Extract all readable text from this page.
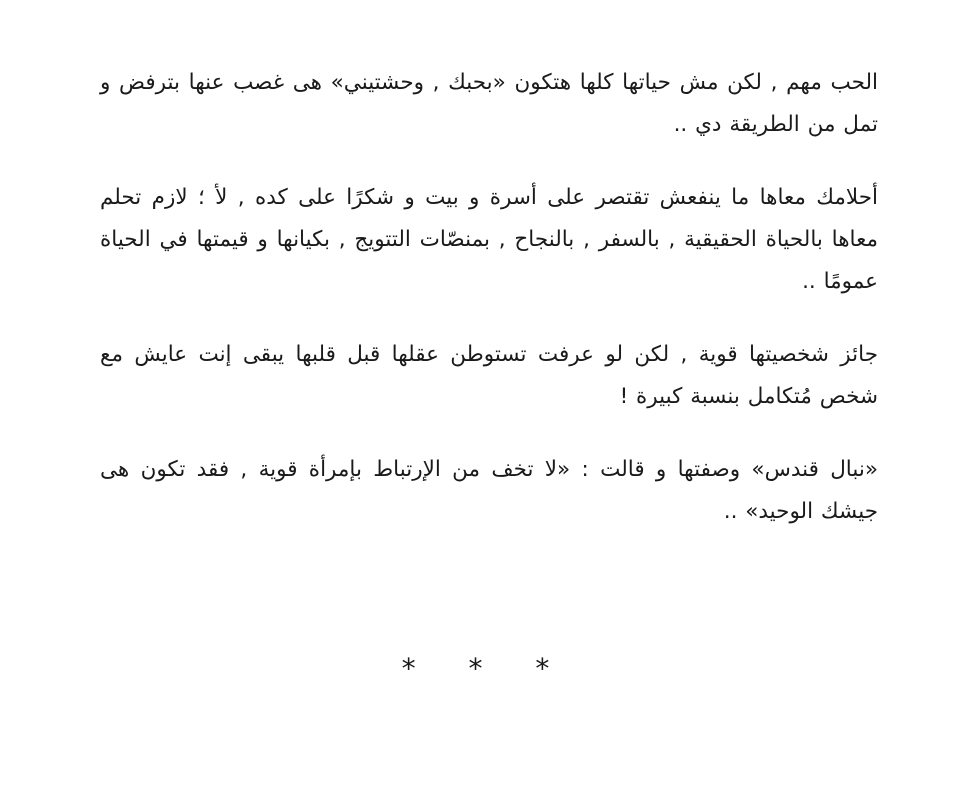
الحب مهم , لكن مش حياتها كلها هتكون «بحبك , وحشتيني» هى غصب عنها بترفض و تمل من الطريقة دي ..

أحلامك معاها ما ينفعش تقتصر على أسرة و بيت و شكرًا على كده , لأ ؛ لازم تحلم معاها بالحياة الحقيقية , بالسفر , بالنجاح , بمنصّات التتويج , بكيانها و قيمتها في الحياة عمومًا ..

جائز شخصيتها قوية , لكن لو عرفت تستوطن عقلها قبل قلبها يبقى إنت عايش مع شخص مُتكامل بنسبة كبيرة !

«نبال قندس» وصفتها و قالت : «لا تخف من الإرتباط بإمرأة قوية , فقد تكون هى جيشك الوحيد» ..

* * *
